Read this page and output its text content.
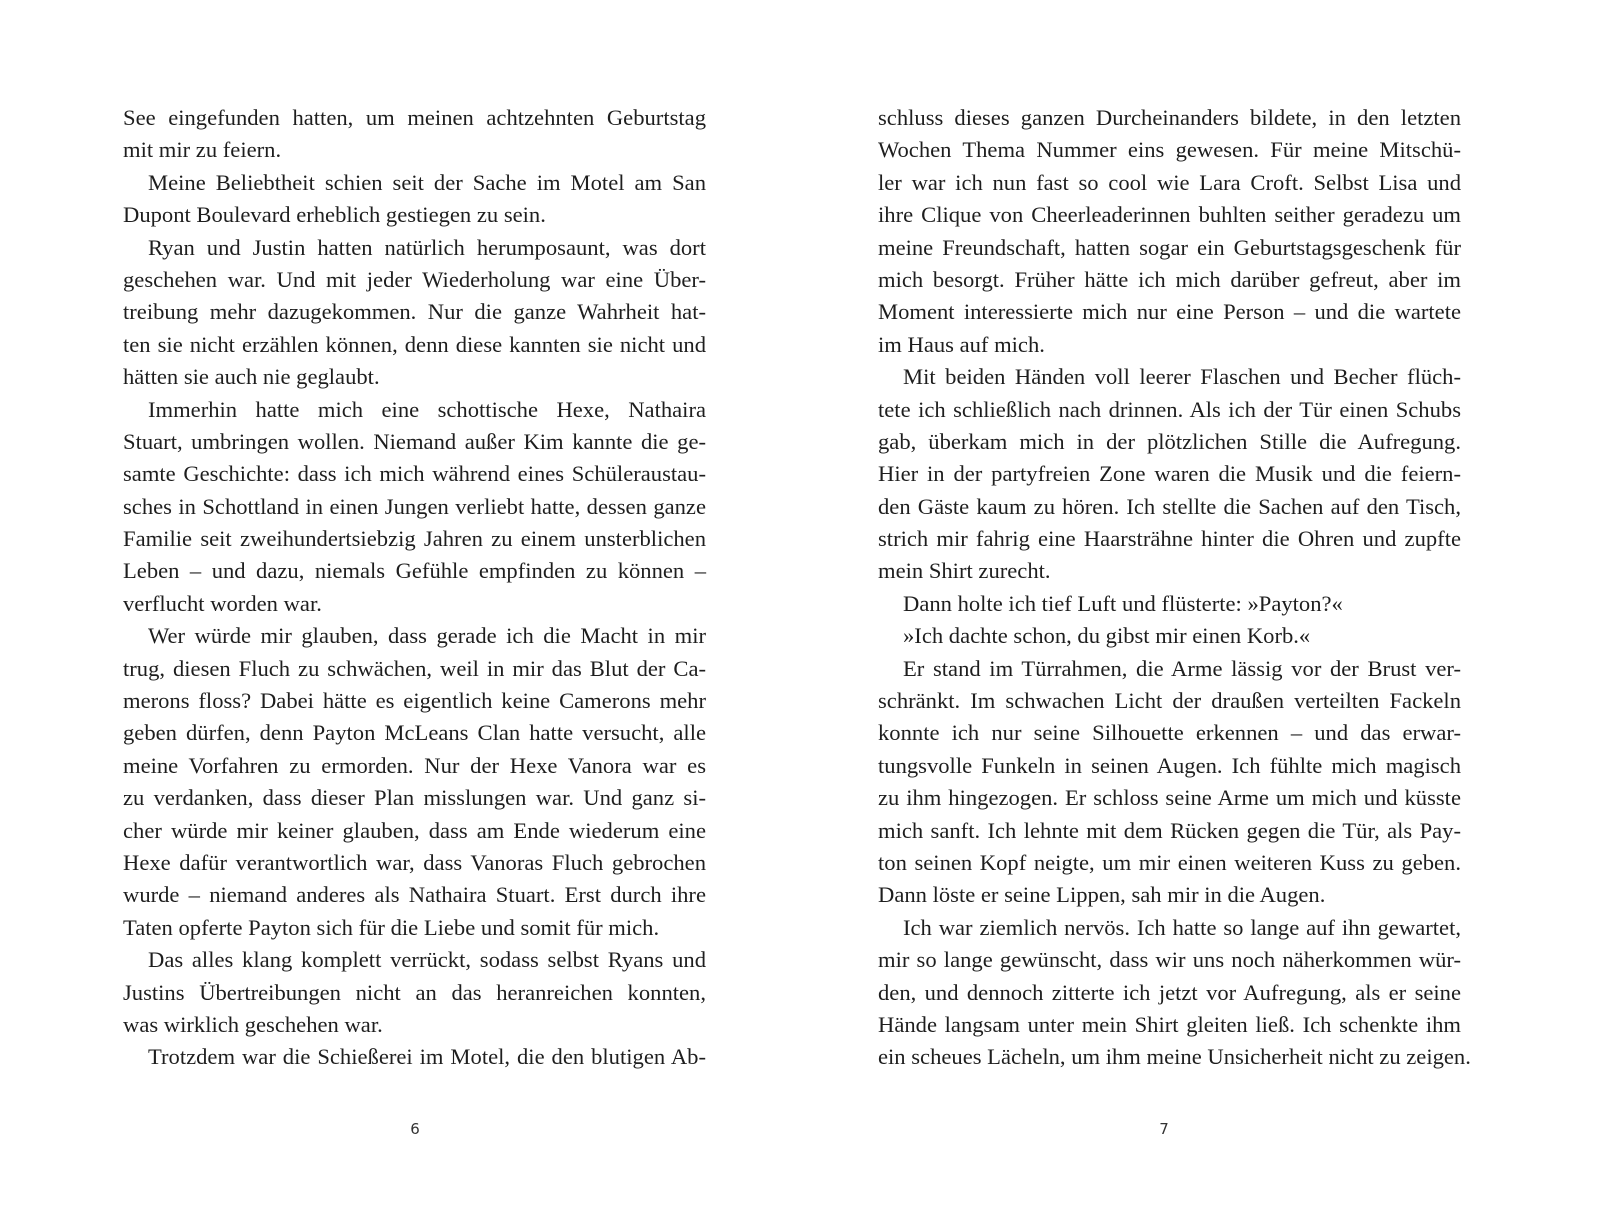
See eingefunden hatten, um meinen achtzehnten Geburtstag
mit mir zu feiern.
Meine Beliebtheit schien seit der Sache im Motel am San
Dupont Boulevard erheblich gestiegen zu sein.
Ryan und Justin hatten natürlich herumposaunt, was dort
geschehen war. Und mit jeder Wiederholung war eine Über-
treibung mehr dazugekommen. Nur die ganze Wahrheit hat-
ten sie nicht erzählen können, denn diese kannten sie nicht und
hätten sie auch nie geglaubt.
Immerhin hatte mich eine schottische Hexe, Nathaira
Stuart, umbringen wollen. Niemand außer Kim kannte die ge-
samte Geschichte: dass ich mich während eines Schüleraustau-
sches in Schottland in einen Jungen verliebt hatte, dessen ganze
Familie seit zweihundertsiebzig Jahren zu einem unsterblichen
Leben – und dazu, niemals Gefühle empfinden zu können –
verflucht worden war.
Wer würde mir glauben, dass gerade ich die Macht in mir
trug, diesen Fluch zu schwächen, weil in mir das Blut der Ca-
merons floss? Dabei hätte es eigentlich keine Camerons mehr
geben dürfen, denn Payton McLeans Clan hatte versucht, alle
meine Vorfahren zu ermorden. Nur der Hexe Vanora war es
zu verdanken, dass dieser Plan misslungen war. Und ganz si-
cher würde mir keiner glauben, dass am Ende wiederum eine
Hexe dafür verantwortlich war, dass Vanoras Fluch gebrochen
wurde – niemand anderes als Nathaira Stuart. Erst durch ihre
Taten opferte Payton sich für die Liebe und somit für mich.
Das alles klang komplett verrückt, sodass selbst Ryans und
Justins Übertreibungen nicht an das heranreichen konnten,
was wirklich geschehen war.
Trotzdem war die Schießerei im Motel, die den blutigen Ab-
6
schluss dieses ganzen Durcheinanders bildete, in den letzten
Wochen Thema Nummer eins gewesen. Für meine Mitschü-
ler war ich nun fast so cool wie Lara Croft. Selbst Lisa und
ihre Clique von Cheerleaderinnen buhlten seither geradezu um
meine Freundschaft, hatten sogar ein Geburtstagsgeschenk für
mich besorgt. Früher hätte ich mich darüber gefreut, aber im
Moment interessierte mich nur eine Person – und die wartete
im Haus auf mich.
Mit beiden Händen voll leerer Flaschen und Becher flüch-
tete ich schließlich nach drinnen. Als ich der Tür einen Schubs
gab, überkam mich in der plötzlichen Stille die Aufregung.
Hier in der partyfreien Zone waren die Musik und die feiern-
den Gäste kaum zu hören. Ich stellte die Sachen auf den Tisch,
strich mir fahrig eine Haarsträhne hinter die Ohren und zupfte
mein Shirt zurecht.
Dann holte ich tief Luft und flüsterte: »Payton?«
»Ich dachte schon, du gibst mir einen Korb.«
Er stand im Türrahmen, die Arme lässig vor der Brust ver-
schränkt. Im schwachen Licht der draußen verteilten Fackeln
konnte ich nur seine Silhouette erkennen – und das erwar-
tungsvolle Funkeln in seinen Augen. Ich fühlte mich magisch
zu ihm hingezogen. Er schloss seine Arme um mich und küsste
mich sanft. Ich lehnte mit dem Rücken gegen die Tür, als Pay-
ton seinen Kopf neigte, um mir einen weiteren Kuss zu geben.
Dann löste er seine Lippen, sah mir in die Augen.
Ich war ziemlich nervös. Ich hatte so lange auf ihn gewartet,
mir so lange gewünscht, dass wir uns noch näherkommen wür-
den, und dennoch zitterte ich jetzt vor Aufregung, als er seine
Hände langsam unter mein Shirt gleiten ließ. Ich schenkte ihm
ein scheues Lächeln, um ihm meine Unsicherheit nicht zu zeigen.
7
